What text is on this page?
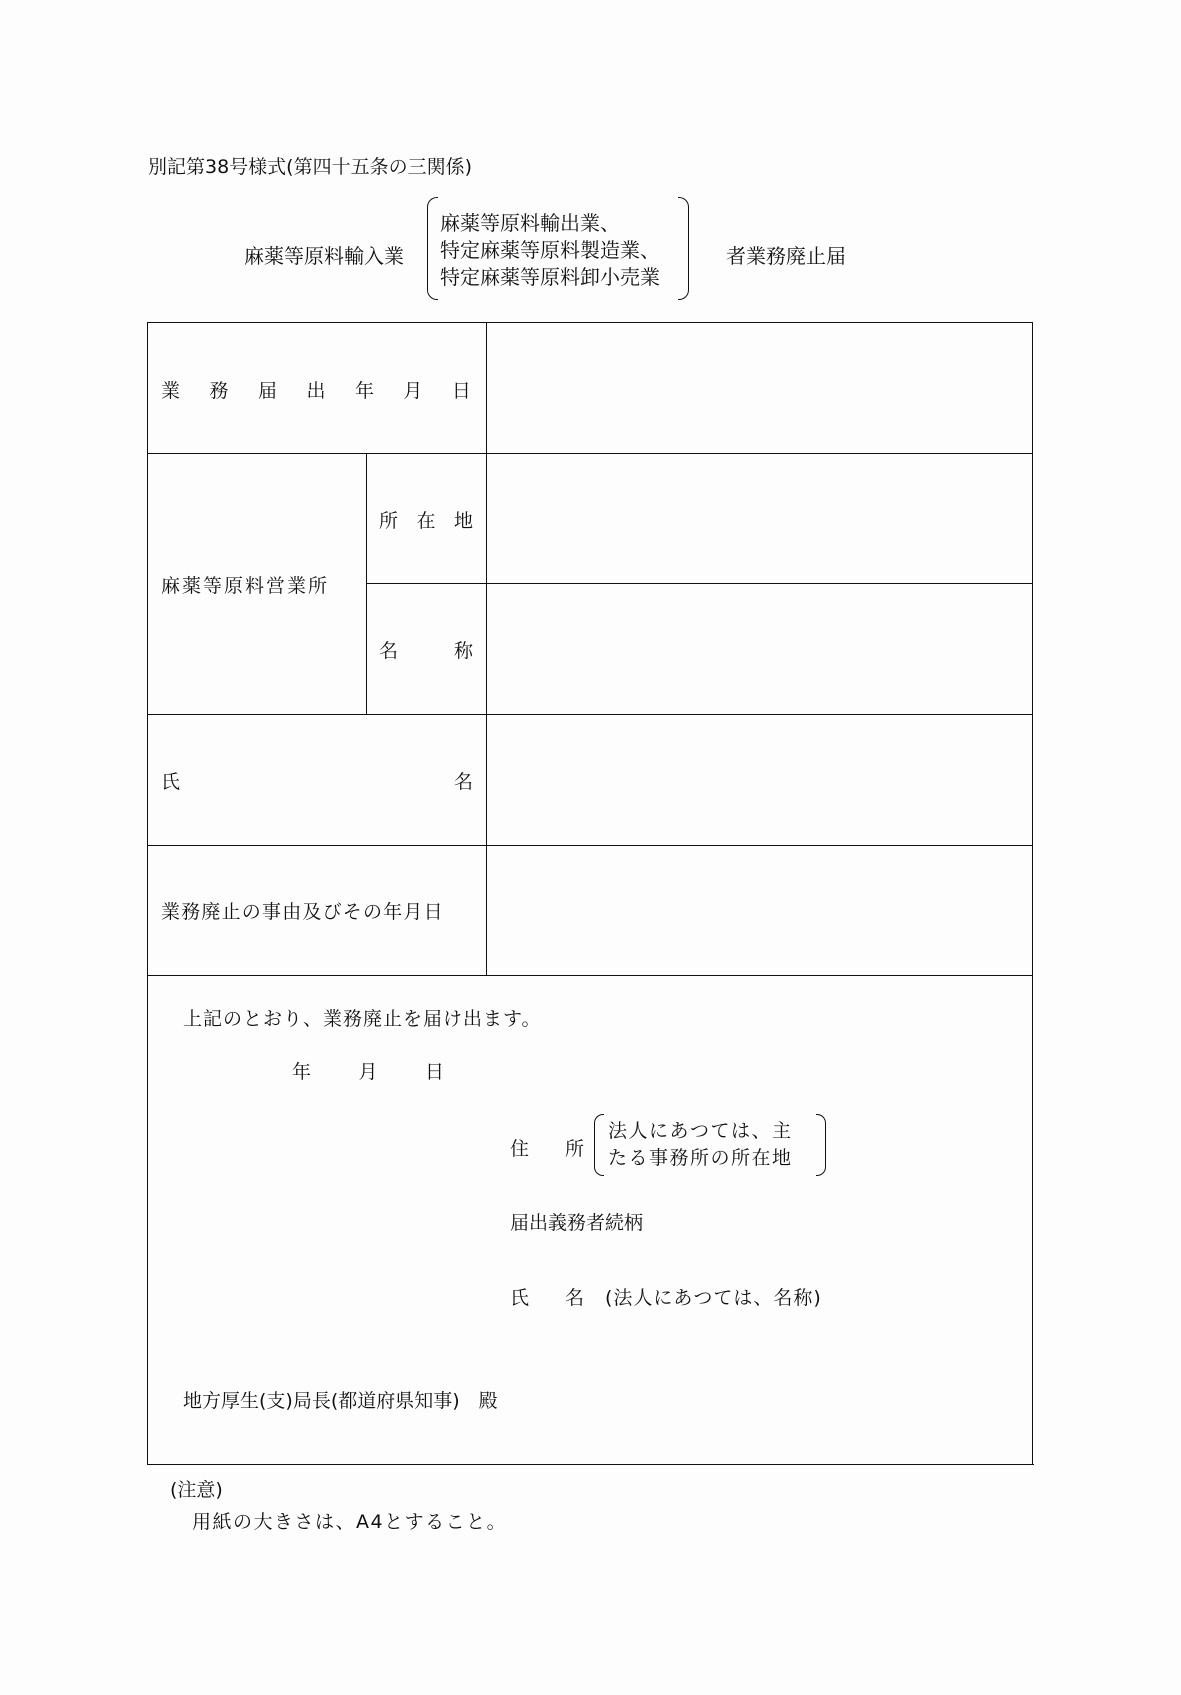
別記第38号様式(第四十五条の三関係)
麻薬等原料輸入業
麻薬等原料輸出業、
特定麻薬等原料製造業、
特定麻薬等原料卸小売業
者業務廃止届
業 務 届 出 年 月 日
麻薬等原料営業所
所 在 地
名	称
氏	名
業務廃止の事由及びその年月日
上記のとおり、業務廃止を届け出ます。
年 月 日
住 所
法人にあつては、主
たる事務所の所在地
届出義務者続柄
氏 名 (法人にあつては、名称)
地方厚生(支)局長(都道府県知事)　殿
(注意)
用紙の大きさは、A4とすること。
